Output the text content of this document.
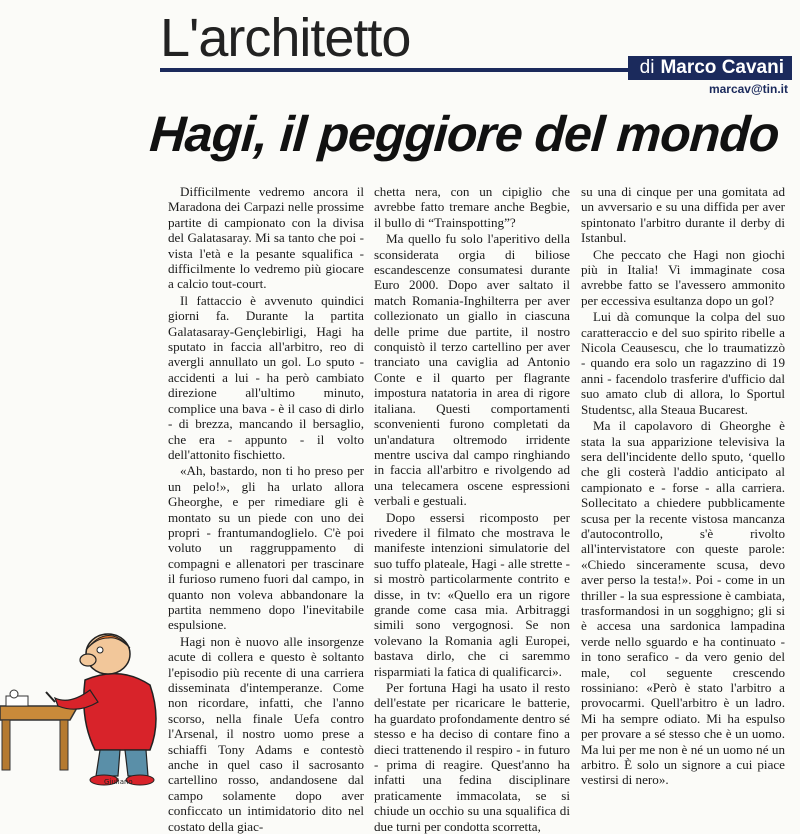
L'architetto	di Marco Cavani
marcav@tin.it
Hagi, il peggiore del mondo

Difficilmente vedremo ancora il Maradona dei Carpazi nelle prossime partite di campionato con la divisa del Galatasaray. Mi sa tanto che poi - vista l'età e la pesante squalifica - difficilmente lo vedremo più giocare a calcio tout-court.

Il fattaccio è avvenuto quindici giorni fa. Durante la partita Galatasaray-Gençlebirligi, Hagi ha sputato in faccia all'arbitro, reo di avergli annullato un gol. Lo sputo - accidenti a lui - ha però cambiato direzione all'ultimo minuto, complice una bava - è il caso di dirlo - di brezza, mancando il bersaglio, che era - appunto - il volto dell'attonito fischietto.

«Ah, bastardo, non ti ho preso per un pelo!», gli ha urlato allora Gheorghe, e per rimediare gli è montato su un piede con uno dei propri - frantumandoglielo. C'è poi voluto un raggruppamento di compagni e allenatori per trascinare il furioso rumeno fuori dal campo, in quanto non voleva abbandonare la partita nemmeno dopo l'inevitabile espulsione.

Hagi non è nuovo alle insorgenze acute di collera e questo è soltanto l'episodio più recente di una carriera disseminata d'intemperanze. Come non ricordare, infatti, che l'anno scorso, nella finale Uefa contro l'Arsenal, il nostro uomo prese a schiaffi Tony Adams e contestò anche in quel caso il sacrosanto cartellino rosso, andandosene dal campo solamente dopo aver conficcato un intimidatorio dito nel costato della giac-

chetta nera, con un cipiglio che avrebbe fatto tremare anche Begbie, il bullo di “Trainspotting”?

Ma quello fu solo l'aperitivo della sconsiderata orgia di biliose escandescenze consumatesi durante Euro 2000. Dopo aver saltato il match Romania-Inghilterra per aver collezionato un giallo in ciascuna delle prime due partite, il nostro conquistò il terzo cartellino per aver tranciato una caviglia ad Antonio Conte e il quarto per flagrante impostura natatoria in area di rigore italiana. Questi comportamenti sconvenienti furono completati da un'andatura oltremodo irridente mentre usciva dal campo ringhiando in faccia all'arbitro e rivolgendo ad una telecamera oscene espressioni verbali e gestuali.

Dopo essersi ricomposto per rivedere il filmato che mostrava le manifeste intenzioni simulatorie del suo tuffo plateale, Hagi - alle strette - si mostrò particolarmente contrito e disse, in tv: «Quello era un rigore grande come casa mia. Arbitraggi simili sono vergognosi. Se non volevano la Romania agli Europei, bastava dirlo, che ci saremmo risparmiati la fatica di qualificarci».

Per fortuna Hagi ha usato il resto dell'estate per ricaricare le batterie, ha guardato profondamente dentro sé stesso e ha deciso di contare fino a dieci trattenendo il respiro - in futuro - prima di reagire. Quest'anno ha infatti una fedina disciplinare praticamente immacolata, se si chiude un occhio su una squalifica di due turni per condotta scorretta,

su una di cinque per una gomitata ad un avversario e su una diffida per aver spintonato l'arbitro durante il derby di Istanbul.

Che peccato che Hagi non giochi più in Italia! Vi immaginate cosa avrebbe fatto se l'avessero ammonito per eccessiva esultanza dopo un gol?

Lui dà comunque la colpa del suo caratteraccio e del suo spirito ribelle a Nicola Ceausescu, che lo traumatizzò - quando era solo un ragazzino di 19 anni - facendolo trasferire d'ufficio dal suo amato club di allora, lo Sportul Studentsc, alla Steaua Bucarest.

Ma il capolavoro di Gheorghe è stata la sua apparizione televisiva la sera dell'incidente dello sputo, ‘quello che gli costerà l'addio anticipato al campionato e - forse - alla carriera. Sollecitato a chiedere pubblicamente scusa per la recente vistosa mancanza d'autocontrollo, s'è rivolto all'intervistatore con queste parole: «Chiedo sinceramente scusa, devo aver perso la testa!». Poi - come in un thriller - la sua espressione è cambiata, trasformandosi in un sogghigno; gli si è accesa una sardonica lampadina verde nello sguardo e ha continuato - in tono serafico - da vero genio del male, col seguente crescendo rossiniano: «Però è stato l'arbitro a provocarmi. Quell'arbitro è un ladro. Mi ha sempre odiato. Mi ha espulso per provare a sé stesso che è un uomo. Ma lui per me non è né un uomo né un arbitro. È solo un signore a cui piace vestirsi di nero».

Giuliano
